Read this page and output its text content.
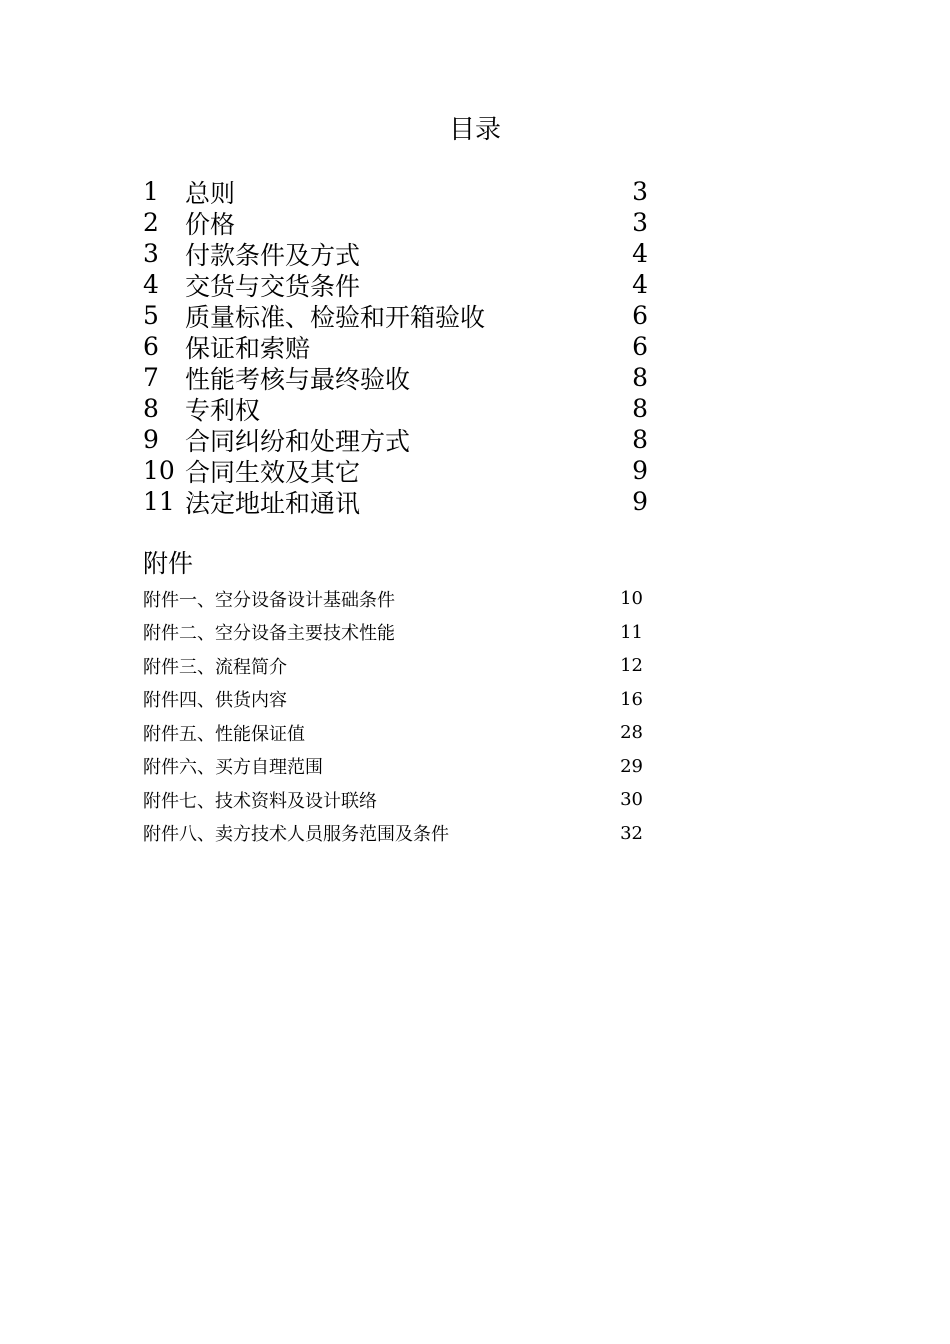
目录
1	总则	3
2	价格	3
3	付款条件及方式	4
4	交货与交货条件	4
5	质量标准、检验和开箱验收	6
6	保证和索赔	6
7	性能考核与最终验收	8
8	专利权	8
9	合同纠纷和处理方式	8
10 合同生效及其它	9
11 法定地址和通讯	9
附件
附件一、空分设备设计基础条件	10
附件二、空分设备主要技术性能	11
附件三、流程简介	12
附件四、供货内容	16
附件五、性能保证值	28
附件六、买方自理范围	29
附件七、技术资料及设计联络	30
附件八、卖方技术人员服务范围及条件	32
